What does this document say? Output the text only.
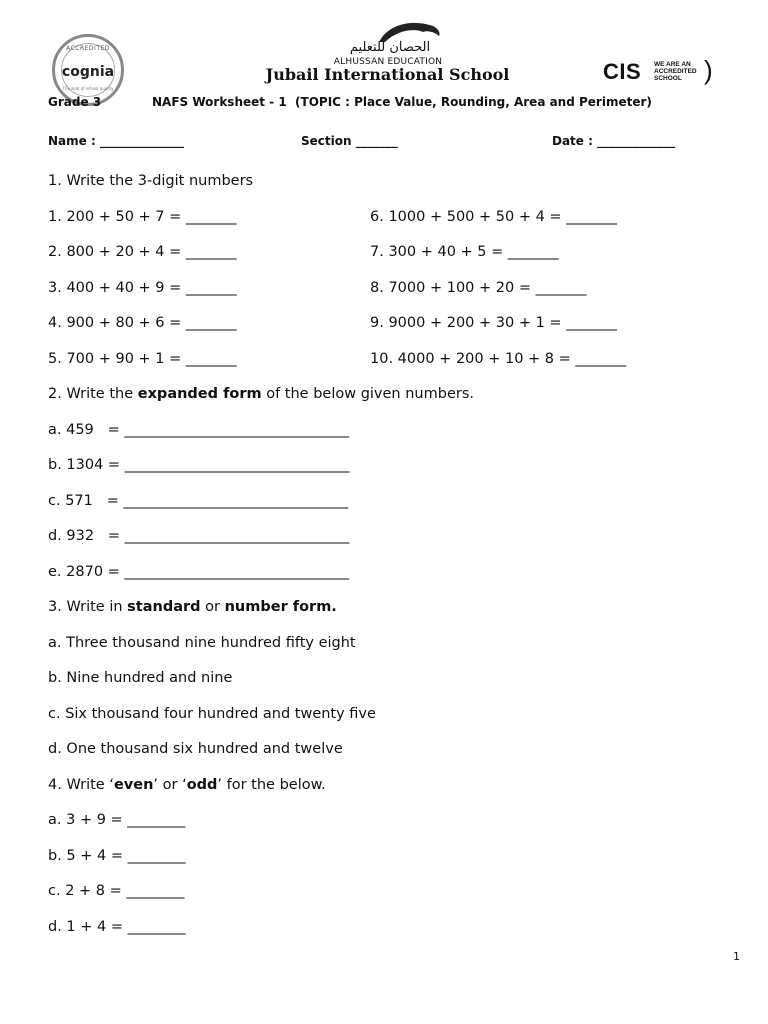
ACCREDITED
cognia
The seal of school quality
الحصان للتعليم
ALHUSSAN EDUCATION
Jubail International School	CIS WE ARE AN
ACCREDITED
SCHOOL )
Grade 3	NAFS Worksheet - 1  (TOPIC : Place Value, Rounding, Area and Perimeter)
Name : ______________	Section _______	Date : _____________
1. Write the 3-digit numbers
1. 200 + 50 + 7 = _______
2. 800 + 20 + 4 = _______
3. 400 + 40 + 9 = _______
4. 900 + 80 + 6 = _______
5. 700 + 90 + 1 = _______
6. 1000 + 500 + 50 + 4 = _______
7. 300 + 40 + 5 = _______
8. 7000 + 100 + 20 = _______
9. 9000 + 200 + 30 + 1 = _______
10. 4000 + 200 + 10 + 8 = _______
2. Write the expanded form of the below given numbers.
a. 459   = _______________________________
b. 1304 = _______________________________
c. 571   = _______________________________
d. 932   = _______________________________
e. 2870 = _______________________________
3. Write in standard or number form.
a. Three thousand nine hundred fifty eight
b. Nine hundred and nine
c. Six thousand four hundred and twenty five
d. One thousand six hundred and twelve
4. Write ‘even’ or ‘odd’ for the below.
a. 3 + 9 = ________
b. 5 + 4 = ________
c. 2 + 8 = ________
d. 1 + 4 = ________
1
